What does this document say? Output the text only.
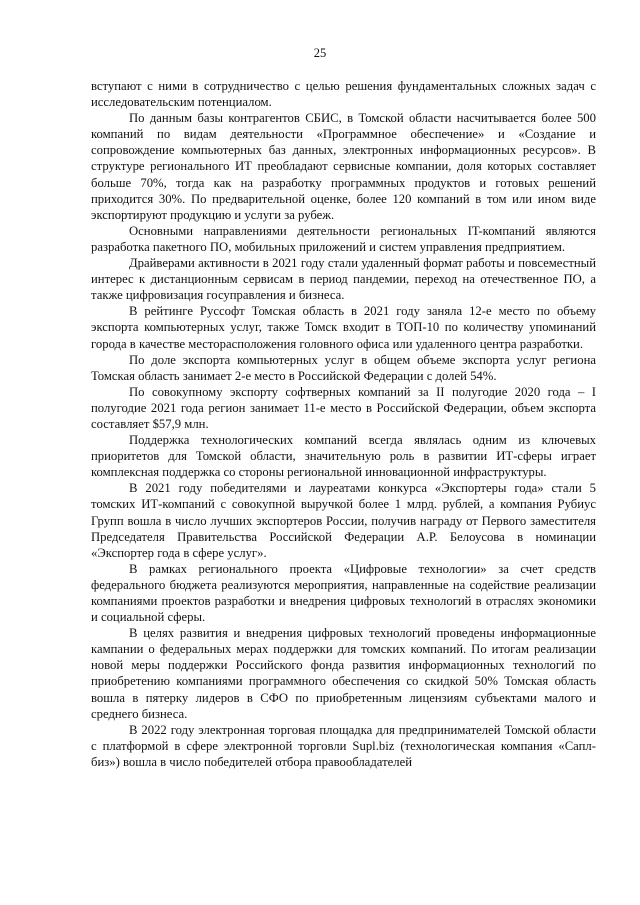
25

вступают с ними в сотрудничество с целью решения фундаментальных сложных задач с исследовательским потенциалом.

По данным базы контрагентов СБИС, в Томской области насчитывается более 500 компаний по видам деятельности «Программное обеспечение» и «Создание и сопровождение компьютерных баз данных, электронных информационных ресурсов». В структуре регионального ИТ преобладают сервисные компании, доля которых составляет больше 70%, тогда как на разработку программных продуктов и готовых решений приходится 30%. По предварительной оценке, более 120 компаний в том или ином виде экспортируют продукцию и услуги за рубеж.

Основными направлениями деятельности региональных IT-компаний являются разработка пакетного ПО, мобильных приложений и систем управления предприятием.

Драйверами активности в 2021 году стали удаленный формат работы и повсеместный интерес к дистанционным сервисам в период пандемии, переход на отечественное ПО, а также цифровизация госуправления и бизнеса.

В рейтинге Руссофт Томская область в 2021 году заняла 12-е место по объему экспорта компьютерных услуг, также Томск входит в ТОП-10 по количеству упоминаний города в качестве месторасположения головного офиса или удаленного центра разработки.

По доле экспорта компьютерных услуг в общем объеме экспорта услуг региона Томская область занимает 2-е место в Российской Федерации с долей 54%.

По совокупному экспорту софтверных компаний за II полугодие 2020 года – I полугодие 2021 года регион занимает 11-е место в Российской Федерации, объем экспорта составляет $57,9 млн.

Поддержка технологических компаний всегда являлась одним из ключевых приоритетов для Томской области, значительную роль в развитии ИТ-сферы играет комплексная поддержка со стороны региональной инновационной инфраструктуры.

В 2021 году победителями и лауреатами конкурса «Экспортеры года» стали 5 томских ИТ-компаний с совокупной выручкой более 1 млрд. рублей, а компания Рубиус Групп вошла в число лучших экспортеров России, получив награду от Первого заместителя Председателя Правительства Российской Федерации А.Р. Белоусова в номинации «Экспортер года в сфере услуг».

В рамках регионального проекта «Цифровые технологии» за счет средств федерального бюджета реализуются мероприятия, направленные на содействие реализации компаниями проектов разработки и внедрения цифровых технологий в отраслях экономики и социальной сферы.

В целях развития и внедрения цифровых технологий проведены информационные кампании о федеральных мерах поддержки для томских компаний. По итогам реализации новой меры поддержки Российского фонда развития информационных технологий по приобретению компаниями программного обеспечения со скидкой 50% Томская область вошла в пятерку лидеров в СФО по приобретенным лицензиям субъектами малого и среднего бизнеса.

В 2022 году электронная торговая площадка для предпринимателей Томской области с платформой в сфере электронной торговли Supl.biz (технологическая компания «Сапл-биз») вошла в число победителей отбора правообладателей
